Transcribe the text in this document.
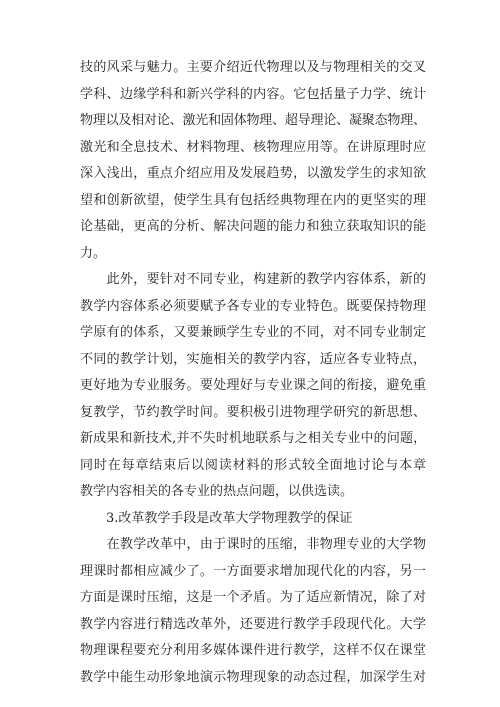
技的风采与魅力。主要介绍近代物理以及与物理相关的交叉
学科、边缘学科和新兴学科的内容。它包括量子力学、统计
物理以及相对论、激光和固体物理、超导理论、凝聚态物理、
激光和全息技术、材料物理、核物理应用等。在讲原理时应
深入浅出，重点介绍应用及发展趋势，以激发学生的求知欲
望和创新欲望，使学生具有包括经典物理在内的更坚实的理
论基础，更高的分析、解决问题的能力和独立获取知识的能
力。
　　此外，要针对不同专业，构建新的教学内容体系，新的
教学内容体系必须要赋予各专业的专业特色。既要保持物理
学原有的体系，又要兼顾学生专业的不同，对不同专业制定
不同的教学计划，实施相关的教学内容，适应各专业特点，
更好地为专业服务。要处理好与专业课之间的衔接，避免重
复教学，节约教学时间。要积极引进物理学研究的新思想、
新成果和新技术,并不失时机地联系与之相关专业中的问题，
同时在每章结束后以阅读材料的形式较全面地讨论与本章
教学内容相关的各专业的热点问题，以供选读。
　　3.改革教学手段是改革大学物理教学的保证
　　在教学改革中，由于课时的压缩，非物理专业的大学物
理课时都相应减少了。一方面要求增加现代化的内容，另一
方面是课时压缩，这是一个矛盾。为了适应新情况，除了对
教学内容进行精选改革外，还要进行教学手段现代化。大学
物理课程要充分利用多媒体课件进行教学，这样不仅在课堂
教学中能生动形象地演示物理现象的动态过程，加深学生对
